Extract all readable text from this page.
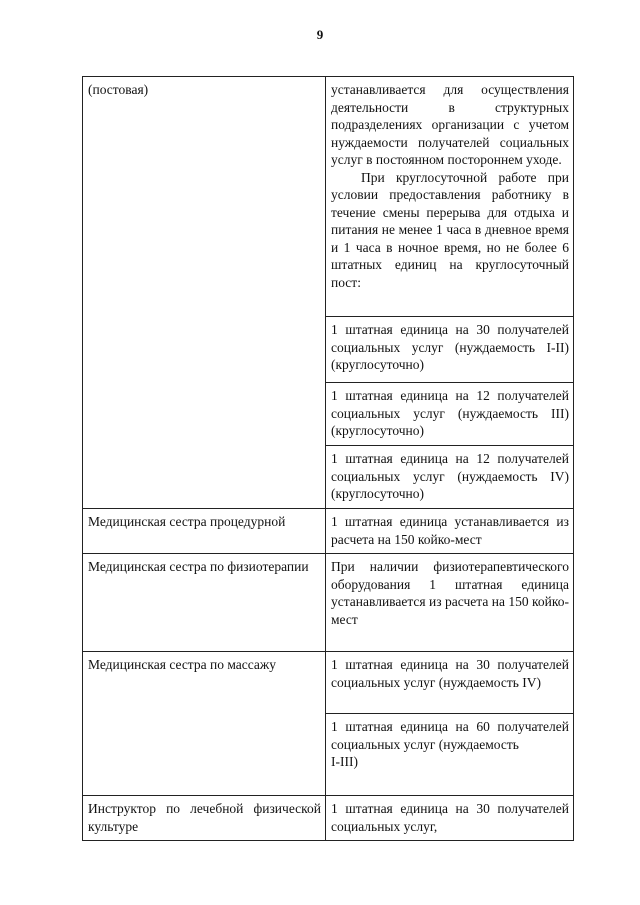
9
(постовая)	устанавливается для осуществления деятельности в структурных подразделениях организации с учетом нуждаемости получателей социальных услуг в постоянном постороннем уходе.

При круглосуточной работе при условии предоставления работнику в течение смены перерыва для отдыха и питания не менее 1 часа в дневное время и 1 часа в ночное время, но не более 6 штатных единиц на круглосуточный пост:

	1 штатная единица на 30 получателей социальных услуг (нуждаемость I-II) (круглосуточно)

	1 штатная единица на 12 получателей социальных услуг (нуждаемость III) (круглосуточно)

	1 штатная единица на 12 получателей социальных услуг (нуждаемость IV) (круглосуточно)

Медицинская сестра процедурной	1 штатная единица устанавливается из расчета на 150 койко-мест

Медицинская сестра по физиотерапии	При наличии физиотерапевтического оборудования 1 штатная единица устанавливается из расчета на 150 койко-мест

Медицинская сестра по массажу	1 штатная единица на 30 получателей социальных услуг (нуждаемость IV)

	1 штатная единица на 60 получателей социальных услуг (нуждаемость

I-III)

Инструктор по лечебной физической культуре	1 штатная единица на 30 получателей социальных услуг,
